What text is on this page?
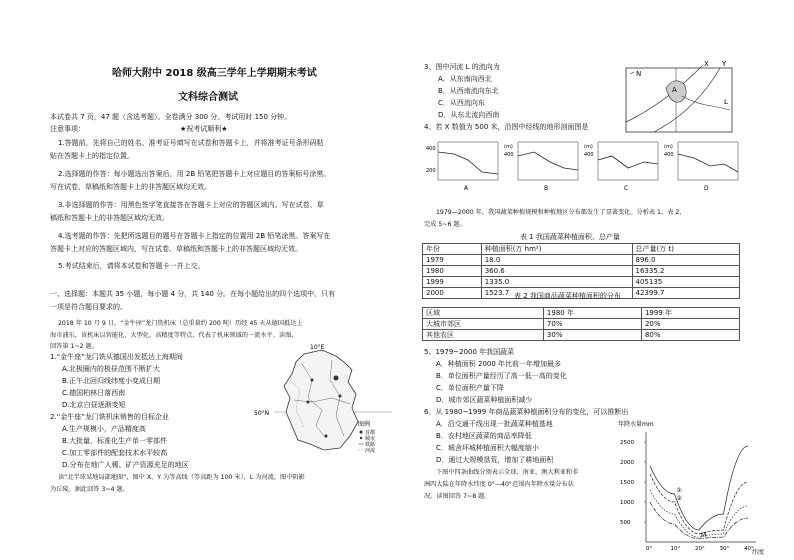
哈师大附中 2018 级高三学年上学期期末考试
文科综合测试
本试卷共 7 页，47 题（含选考题）。全卷满分 300 分。考试用时 150 分钟。
注意事项：	★祝考试顺利★
1.答题前，先将自己的姓名、准考证号填写在试卷和答题卡上，并将准考证号条形码粘
贴在答题卡上的指定位置。
2.选择题的作答：每小题选出答案后，用 2B 铅笔把答题卡上对应题目的答案标号涂黑。
写在试卷、草稿纸和答题卡上的非答题区域均无效。
3.非选择题的作答：用黑色签字笔直接答在答题卡上对应的答题区域内。写在试卷、草
稿纸和答题卡上的非答题区域均无效。
4.选考题的作答：先把所选题目的题号在答题卡上指定的位置用 2B 铅笔涂黑。答案写在
答题卡上对应的答题区域内，写在试卷、草稿纸和答题卡上的非答题区域均无效。
5.考试结束后，请将本试卷和答题卡一并上交。
一、选择题：本题共 35 小题，每小题 4 分，共 140 分。在每小题给出的四个选项中，只有
一项是符合题目要求的。
2018 年 10 月 9 日，“金牛座”龙门铣机床（总重量约 200 吨）历经 45 天从德国抵达上
海市浦东，该机床以智能化、大型化、高精度等特点，代表了机床领域的一流水平。读图，
回答第 1~2 题。
1.“金牛座”龙门铣从德国出发抵达上海期间
A.北极圈内的极昼范围不断扩大
B.正午北回归线纬度小变成日期
C.德国柏林日落西南
D.北京白昼逐渐变短
2.“金牛座”龙门铣机床销售的目标企业
A.生产规模小，产品精度高
B.大批量、标准化生产单一零部件
C.加工零部件的配套技术水平较高
D.分布在地广人稀、矿产资源充足的地区
读“北半球某地局部地图”，图中 X、Y 为等高线（等高距为 100 米），L 为河流，图中阴影
为丘陵。据此回答 3~4 题。
10°E
50°N
图例
首都
城市
铁路
河流
3、图中河流 L 的流向为
A．从东南向西北
B．从西南流向东北
C．从西流向东
D．从东北流向西南
4、若 X 数值为 500 米，沿图中经线的地形剖面图是
N
X Y
A
L
400
200
A
(m)
400
B
(m)
400
C
(m)
400
D
1979—2000 年，我国蔬菜种植规模和种植地区分布都发生了显著变化。分析表 1、表 2，
完成 5~6 题。
表 1 我国蔬菜种植面积、总产量
年份	种植面积(万 hm²)	总产量(万 t)
1979	18.0	896.0
1980	360.6	16335.2
1999	1335.0	405135
2000	1523.7	42399.7
表 2 我国商品蔬菜种植面积的分布
区域	1980 年	1999 年
大城市郊区	70%	20%
其他农区	30%	80%
5、1979~2000 年我国蔬菜
A．种植面积 2000 年比前一年增加最多
B．单位面积产量经历了高一低一高的变化
C．单位面积产量下降
D．城市郊区蔬菜种植面积减少
6、从 1980~1999 年商品蔬菜种植面积分布的变化，可以推断出
A．沿交通干线出现一批蔬菜种植基地
B．农村地区蔬菜的商品率降低
C．城舍环城种植面积大幅度缩小
D．通过大规模垦荒，增加了耕地面积
下图中四条曲线分别表示全球、南亚、澳大利亚和非
洲四大陆在年降水纬度 0°—40°范围内年降水量分布状
况。读图回答 7~8 题。
年降水量mm
纬度
2500
2000
1500
1000
500
0°	10°	20°	30°	40°
①
②
M
